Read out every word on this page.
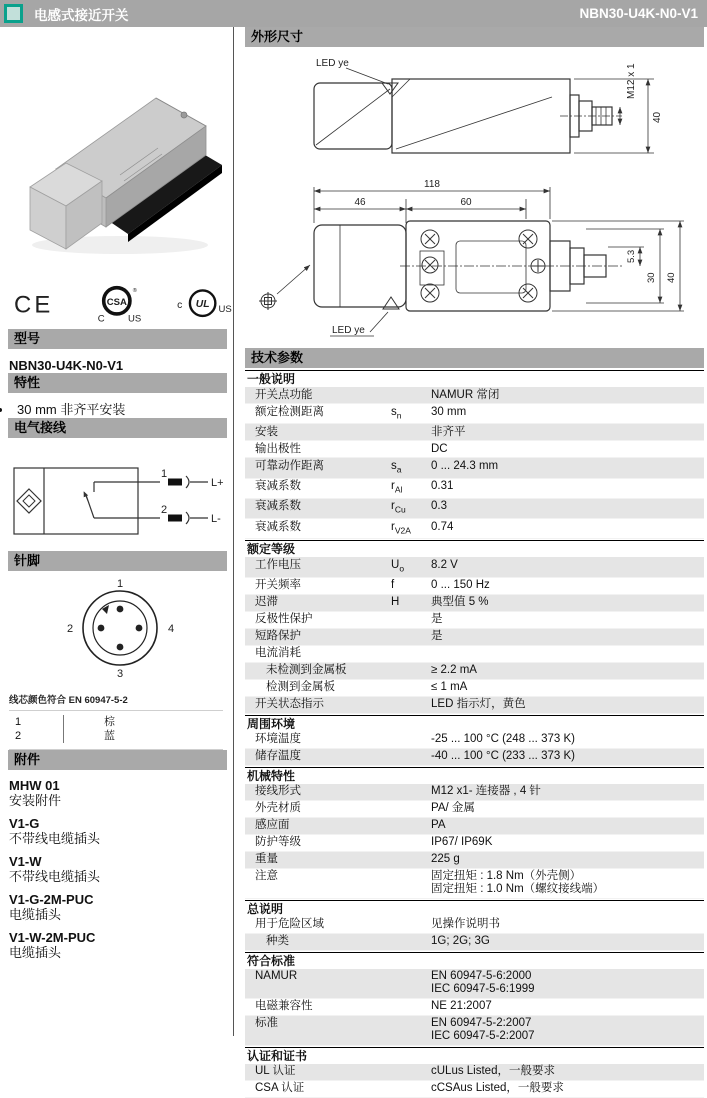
电感式接近开关	NBN30-U4K-N0-V1
CE	CSA
®
C US
c UL US
型号
NBN30-U4K-N0-V1
特性
• 30 mm 非齐平安装
电气接线
1
L+
2
L-
针脚
1
2	4
3
线芯颜色符合 EN 60947-5-2
1	棕
2	蓝
附件
MHW 01
安装附件
V1-G
不带线电缆插头
V1-W
不带线电缆插头
V1-G-2M-PUC
电缆插头
V1-W-2M-PUC
电缆插头
外形尺寸
LED ye	M12 x 1
40
118
46	60
LED ye
5.3
30 40
技术参数
一般说明
开关点功能	NAMUR 常闭
额定检测距离	$s_n$	30 mm
安装	非齐平
输出极性	DC
可靠动作距离	$s_a$	0 ... 24.3 mm
衰减系数	$r_{Al}$	0.31
衰减系数	$r_{Cu}$	0.3
衰减系数	$r_{V2A}$	0.74
额定等级
工作电压	$U_o$	8.2 V
开关频率	f	0 ... 150 Hz
迟滞	H	典型值 5 %
反极性保护	是
短路保护	是
电流消耗

未检测到金属板	≥ 2.2 mA
检测到金属板	≤ 1 mA
开关状态指示	LED 指示灯，黄色
周围环境
环境温度	-25 ... 100 °C (248 ... 373 K)
储存温度	-40 ... 100 °C (233 ... 373 K)
机械特性
接线形式	M12 x1- 连接器 , 4 针
外壳材质	PA/ 金属
感应面	PA
防护等级	IP67/ IP69K
重量	225 g
注意	固定扭矩 : 1.8 Nm（外壳侧）
固定扭矩 : 1.0 Nm（螺纹接线端）
总说明
用于危险区域	见操作说明书
种类	1G; 2G; 3G
符合标准
NAMUR	EN 60947-5-6:2000
IEC 60947-5-6:1999
电磁兼容性	NE 21:2007
标准	EN 60947-5-2:2007
IEC 60947-5-2:2007
认证和证书
UL 认证	cULus Listed，一般要求
CSA 认证	cCSAus Listed，一般要求
